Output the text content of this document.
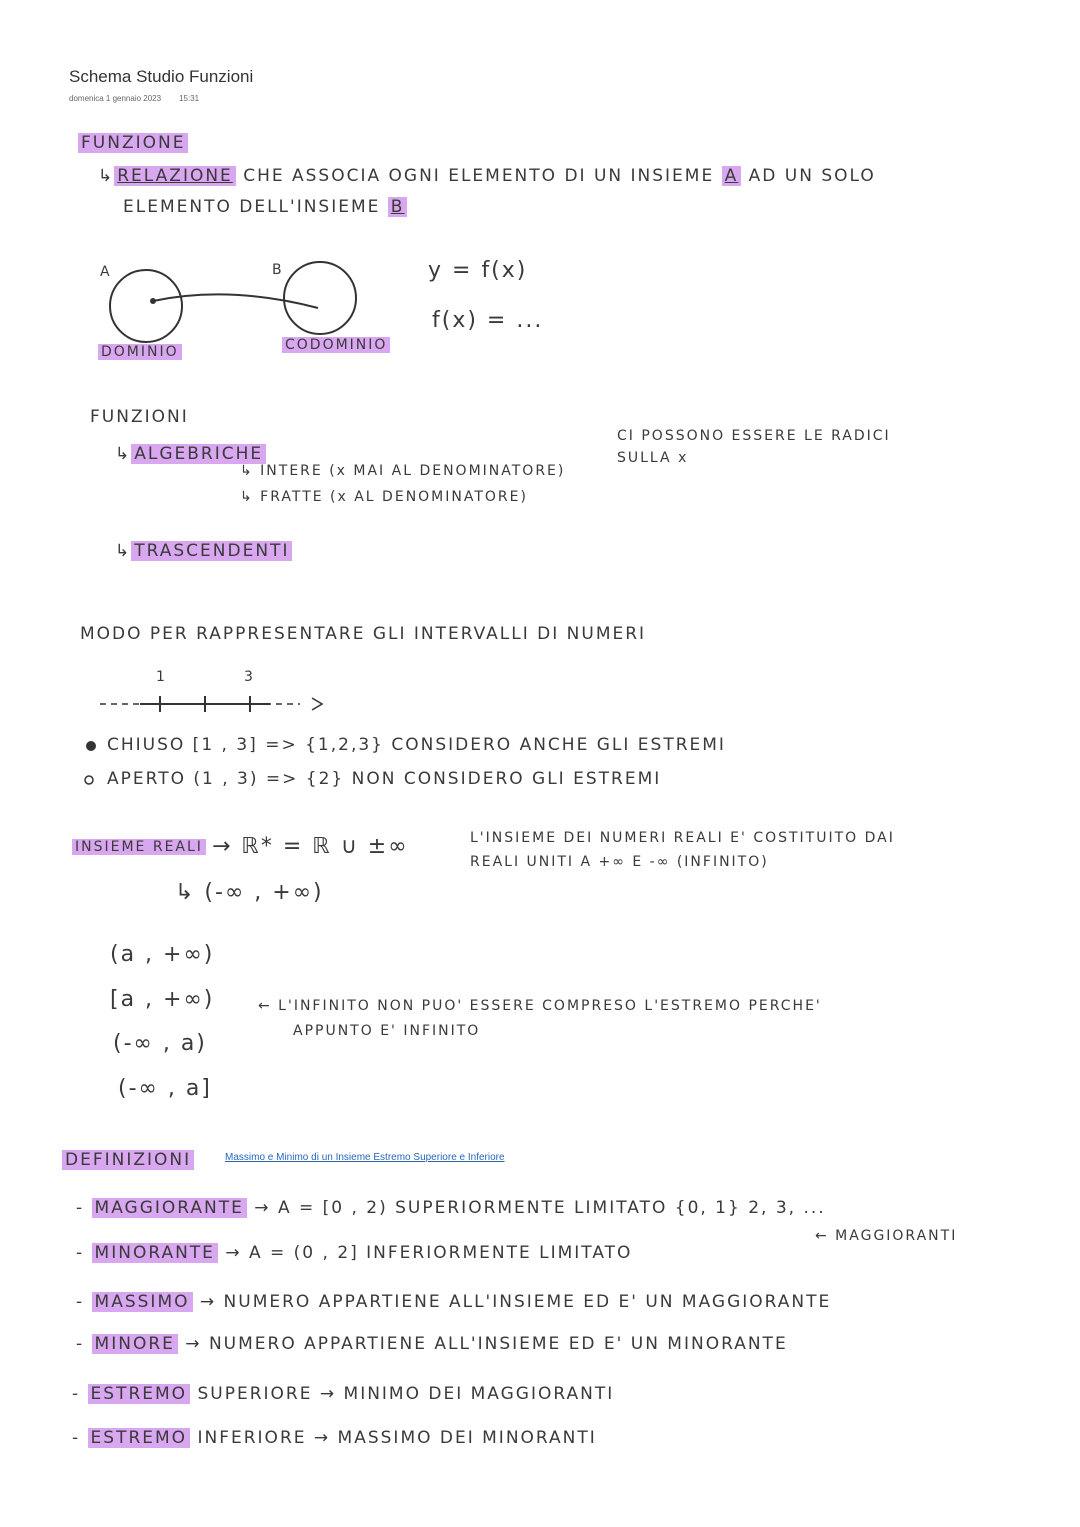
Schema Studio Funzioni
domenica 1 gennaio 2023 15:31
FUNZIONE
↳ RELAZIONE CHE ASSOCIA OGNI ELEMENTO DI UN INSIEME A AD UN SOLO
ELEMENTO DELL'INSIEME B
A	B
DOMINIO	CODOMINIO
y = f(x)
f(x) = ...
FUNZIONI
↳ ALGEBRICHE
↳ INTERE (x MAI AL DENOMINATORE)
↳ FRATTE (x AL DENOMINATORE)
↳ TRASCENDENTI
CI POSSONO ESSERE LE RADICI
SULLA x
MODO PER RAPPRESENTARE GLI INTERVALLI DI NUMERI
1	3
CHIUSO [1 , 3] => {1,2,3} CONSIDERO ANCHE GLI ESTREMI
APERTO (1 , 3) => {2} NON CONSIDERO GLI ESTREMI
INSIEME REALI → ℝ* = ℝ ∪ ±∞
↳ (-∞ , +∞)
L'INSIEME DEI NUMERI REALI E' COSTITUITO DAI
REALI UNITI A +∞ E -∞ (INFINITO)
(a , +∞)
[a , +∞)
(-∞ , a)
(-∞ , a]
← L'INFINITO NON PUO' ESSERE COMPRESO L'ESTREMO PERCHE'
APPUNTO E' INFINITO
DEFINIZIONI	Massimo e Minimo di un Insieme Estremo Superiore e Inferiore
- MAGGIORANTE → A = [0 , 2) SUPERIORMENTE LIMITATO {0, 1} 2, 3, ...
← MAGGIORANTI
- MINORANTE → A = (0 , 2] INFERIORMENTE LIMITATO
- MASSIMO → NUMERO APPARTIENE ALL'INSIEME ED E' UN MAGGIORANTE
- MINORE → NUMERO APPARTIENE ALL'INSIEME ED E' UN MINORANTE
- ESTREMO SUPERIORE → MINIMO DEI MAGGIORANTI
- ESTREMO INFERIORE → MASSIMO DEI MINORANTI
